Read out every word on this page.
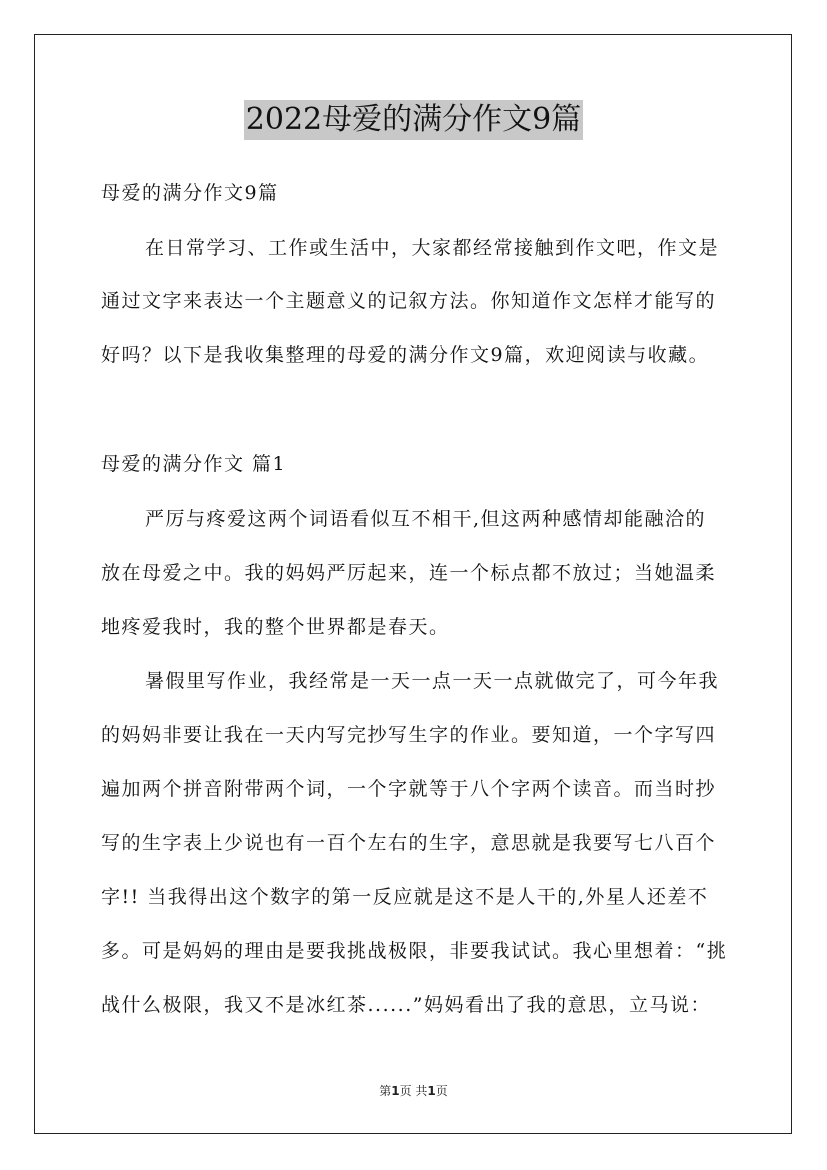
2022母爱的满分作文9篇
母爱的满分作文9篇
在日常学习、工作或生活中，大家都经常接触到作文吧，作文是
通过文字来表达一个主题意义的记叙方法。你知道作文怎样才能写的
好吗？以下是我收集整理的母爱的满分作文9篇，欢迎阅读与收藏。
母爱的满分作文 篇1
严厉与疼爱这两个词语看似互不相干,但这两种感情却能融洽的
放在母爱之中。我的妈妈严厉起来，连一个标点都不放过；当她温柔
地疼爱我时，我的整个世界都是春天。
暑假里写作业，我经常是一天一点一天一点就做完了，可今年我
的妈妈非要让我在一天内写完抄写生字的作业。要知道，一个字写四
遍加两个拼音附带两个词，一个字就等于八个字两个读音。而当时抄
写的生字表上少说也有一百个左右的生字，意思就是我要写七八百个
字!! 当我得出这个数字的第一反应就是这不是人干的,外星人还差不
多。可是妈妈的理由是要我挑战极限，非要我试试。我心里想着：“挑
战什么极限，我又不是冰红茶......”妈妈看出了我的意思，立马说：
第1页 共1页
